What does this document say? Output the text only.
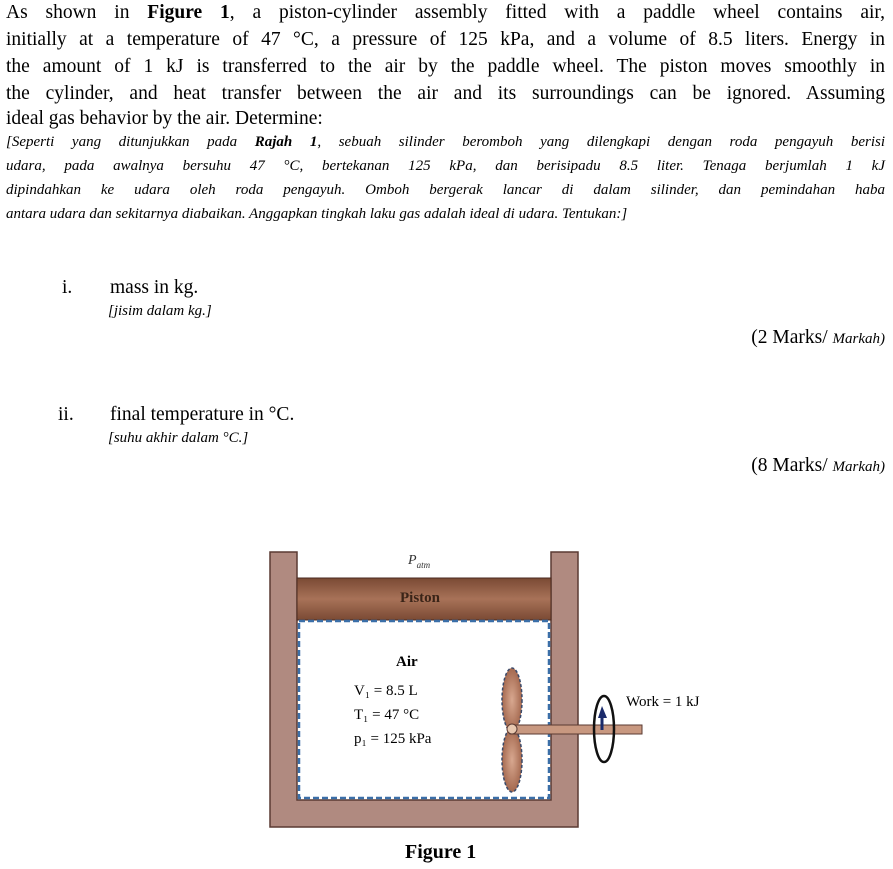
As shown in Figure 1, a piston-cylinder assembly fitted with a paddle wheel contains air,
initially at a temperature of 47 °C, a pressure of 125 kPa, and a volume of 8.5 liters. Energy in
the amount of 1 kJ is transferred to the air by the paddle wheel. The piston moves smoothly in
the cylinder, and heat transfer between the air and its surroundings can be ignored. Assuming
ideal gas behavior by the air. Determine:
[Seperti yang ditunjukkan pada Rajah 1, sebuah silinder beromboh yang dilengkapi dengan roda pengayuh berisi
udara, pada awalnya bersuhu 47 °C, bertekanan 125 kPa, dan berisipadu 8.5 liter. Tenaga berjumlah 1 kJ
dipindahkan ke udara oleh roda pengayuh. Omboh bergerak lancar di dalam silinder, dan pemindahan haba
antara udara dan sekitarnya diabaikan. Anggapkan tingkah laku gas adalah ideal di udara. Tentukan:]
i. mass in kg.
[jisim dalam kg.]
(2 Marks/ Markah)
ii. final temperature in °C.
[suhu akhir dalam °C.]
(8 Marks/ Markah)
$P_{atm}$
Piston
Air
V₁ = 8.5 L
T₁ = 47 °C
p₁ = 125 kPa
Work = 1 kJ
Figure 1
